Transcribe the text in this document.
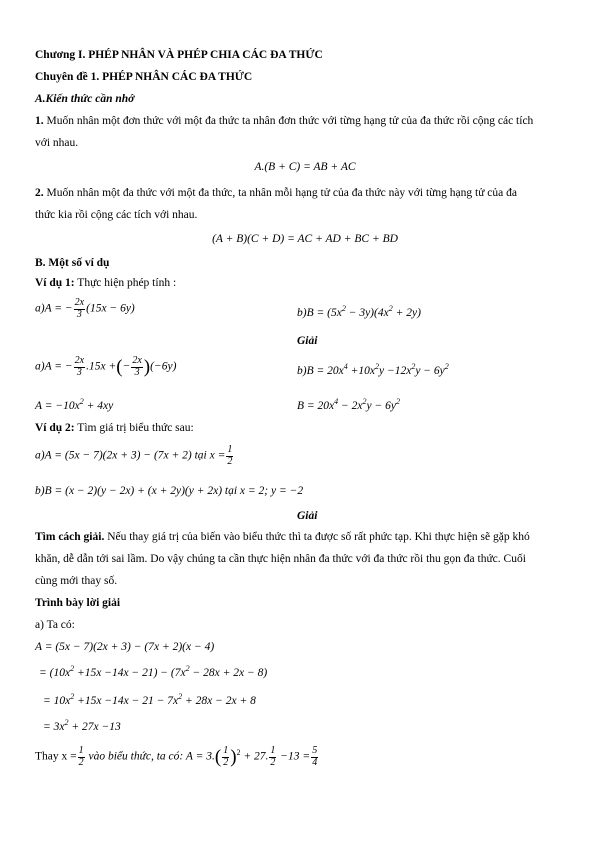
Chương I. PHÉP NHÂN VÀ PHÉP CHIA CÁC ĐA THỨC
Chuyên đề 1. PHÉP NHÂN CÁC ĐA THỨC
A.Kiến thức cần nhớ
1. Muốn nhân một đơn thức với một đa thức ta nhân đơn thức với từng hạng tử của đa thức rồi cộng các tích
với nhau.
A.(B + C) = AB + AC
2. Muốn nhân một đa thức với một đa thức, ta nhân mỗi hạng tử của đa thức này với từng hạng tử của đa
thức kia rồi cộng các tích với nhau.
(A + B)(C + D) = AC + AD + BC + BD
B. Một số ví dụ
Ví dụ 1: Thực hiện phép tính :
a)A = − $\frac{2x}{3} (15x - 6y)$	$b)B = (5x^2 - 3y)(4x^2 + 2y)$
Giải
a)A = − $\frac{2x}{3} .15x$ +(− $\frac{2x}{3} )(-6y)$	$b)B = 20x^4 +10x^2y -12x^2y - 6y^2$
$A = -10x^2 + 4xy$	$B = 20x^4 - 2x^2y - 6y^2$
Ví dụ 2: Tìm giá trị biểu thức sau:
a)A = (5x − 7)(2x + 3) − (7x + 2) tại $x = \frac{1}{2}$
b)B = (x − 2)(y − 2x) + (x + 2y)(y + 2x) tại x = 2; y = −2
Giải
Tìm cách giải. Nếu thay giá trị của biến vào biểu thức thì ta được số rất phức tạp. Khi thực hiện sẽ gặp khó
khăn, dễ dẫn tới sai lầm. Do vậy chúng ta cần thực hiện nhân đa thức với đa thức rồi thu gọn đa thức. Cuối
cùng mới thay số.
Trình bày lời giải
a) Ta có:
A = (5x − 7)(2x + 3) − (7x + 2)(x − 4)
= $(10x^2 +15x -14x - 21) - (7x^2 - 28x + 2x - 8)$
= $10x^2 +15x -14x - 21 - 7x^2 + 28x - 2x + 8$
= $3x^2 + 27x -13$
Thay $x = \frac{1}{2}$ vào biểu thức, ta có: $A = 3.( \frac{1}{2} )^2 + 27$. $\frac{1}{2} -13 = \frac{5}{4}$
